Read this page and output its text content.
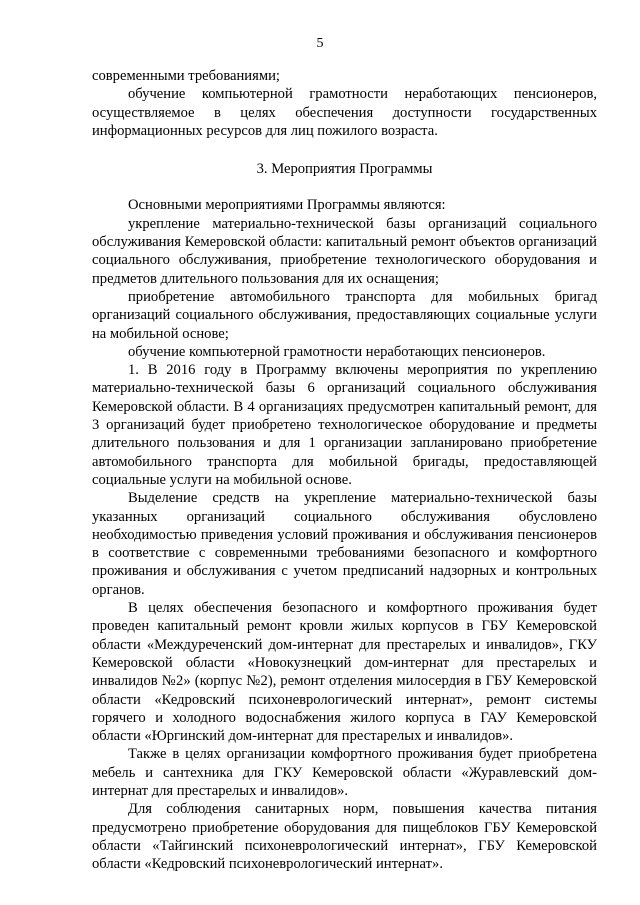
5

современными требованиями;

обучение компьютерной грамотности неработающих пенсионеров, осуществляемое в целях обеспечения доступности государственных информационных ресурсов для лиц пожилого возраста.

3. Мероприятия Программы

Основными мероприятиями Программы являются:

укрепление материально-технической базы организаций социального обслуживания Кемеровской области: капитальный ремонт объектов организаций социального обслуживания, приобретение технологического оборудования и предметов длительного пользования для их оснащения;

приобретение автомобильного транспорта для мобильных бригад организаций социального обслуживания, предоставляющих социальные услуги на мобильной основе;

обучение компьютерной грамотности неработающих пенсионеров.

1. В 2016 году в Программу включены мероприятия по укреплению материально-технической базы 6 организаций социального обслуживания Кемеровской области. В 4 организациях предусмотрен капитальный ремонт, для 3 организаций будет приобретено технологическое оборудование и предметы длительного пользования и для 1 организации запланировано приобретение автомобильного транспорта для мобильной бригады, предоставляющей социальные услуги на мобильной основе.

Выделение средств на укрепление материально-технической базы указанных организаций социального обслуживания обусловлено необходимостью приведения условий проживания и обслуживания пенсионеров в соответствие с современными требованиями безопасного и комфортного проживания и обслуживания с учетом предписаний надзорных и контрольных органов.

В целях обеспечения безопасного и комфортного проживания будет проведен капитальный ремонт кровли жилых корпусов в ГБУ Кемеровской области «Междуреченский дом-интернат для престарелых и инвалидов», ГКУ Кемеровской области «Новокузнецкий дом-интернат для престарелых и инвалидов №2» (корпус №2), ремонт отделения милосердия в ГБУ Кемеровской области «Кедровский психоневрологический интернат», ремонт системы горячего и холодного водоснабжения жилого корпуса в ГАУ Кемеровской области «Юргинский дом-интернат для престарелых и инвалидов».

Также в целях организации комфортного проживания будет приобретена мебель и сантехника для ГКУ Кемеровской области «Журавлевский дом-интернат для престарелых и инвалидов».

Для соблюдения санитарных норм, повышения качества питания предусмотрено приобретение оборудования для пищеблоков ГБУ Кемеровской области «Тайгинский психоневрологический интернат», ГБУ Кемеровской области «Кедровский психоневрологический интернат».
